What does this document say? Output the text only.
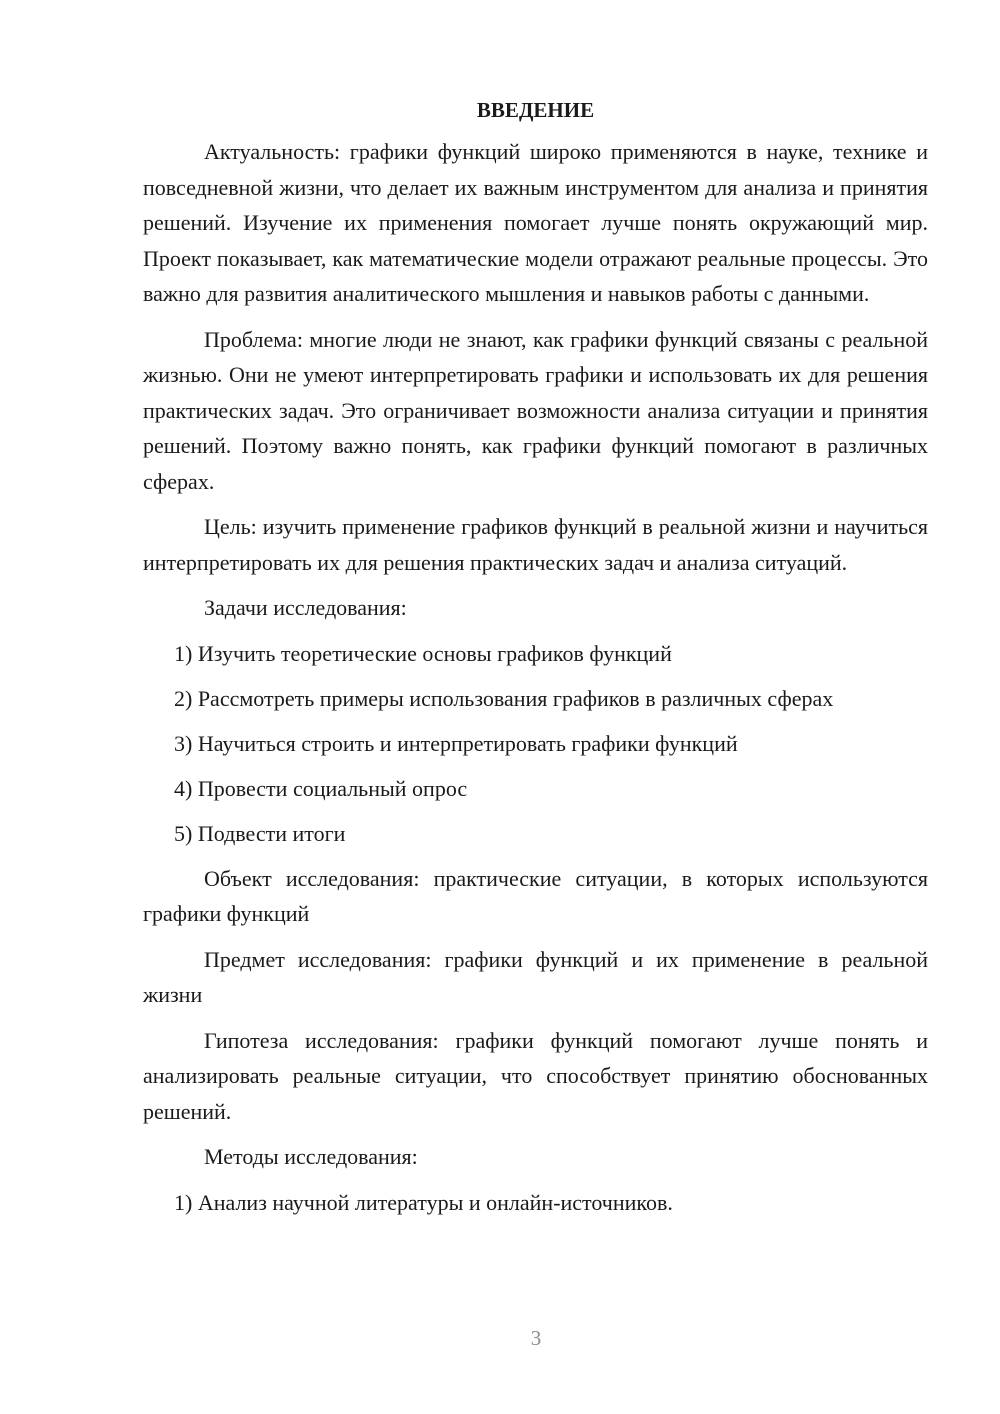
ВВЕДЕНИЕ

Актуальность: графики функций широко применяются в науке, технике и повседневной жизни, что делает их важным инструментом для анализа и принятия решений. Изучение их применения помогает лучше понять окружающий мир. Проект показывает, как математические модели отражают реальные процессы. Это важно для развития аналитического мышления и навыков работы с данными.

Проблема: многие люди не знают, как графики функций связаны с реальной жизнью. Они не умеют интерпретировать графики и использовать их для решения практических задач. Это ограничивает возможности анализа ситуации и принятия решений. Поэтому важно понять, как графики функций помогают в различных сферах.

Цель: изучить применение графиков функций в реальной жизни и научиться интерпретировать их для решения практических задач и анализа ситуаций.

Задачи исследования:
1) Изучить теоретические основы графиков функций
2) Рассмотреть примеры использования графиков в различных сферах
3) Научиться строить и интерпретировать графики функций
4) Провести социальный опрос
5) Подвести итоги

Объект исследования: практические ситуации, в которых используются графики функций

Предмет исследования: графики функций и их применение в реальной жизни

Гипотеза исследования: графики функций помогают лучше понять и анализировать реальные ситуации, что способствует принятию обоснованных решений.

Методы исследования:
1) Анализ научной литературы и онлайн-источников.
3
